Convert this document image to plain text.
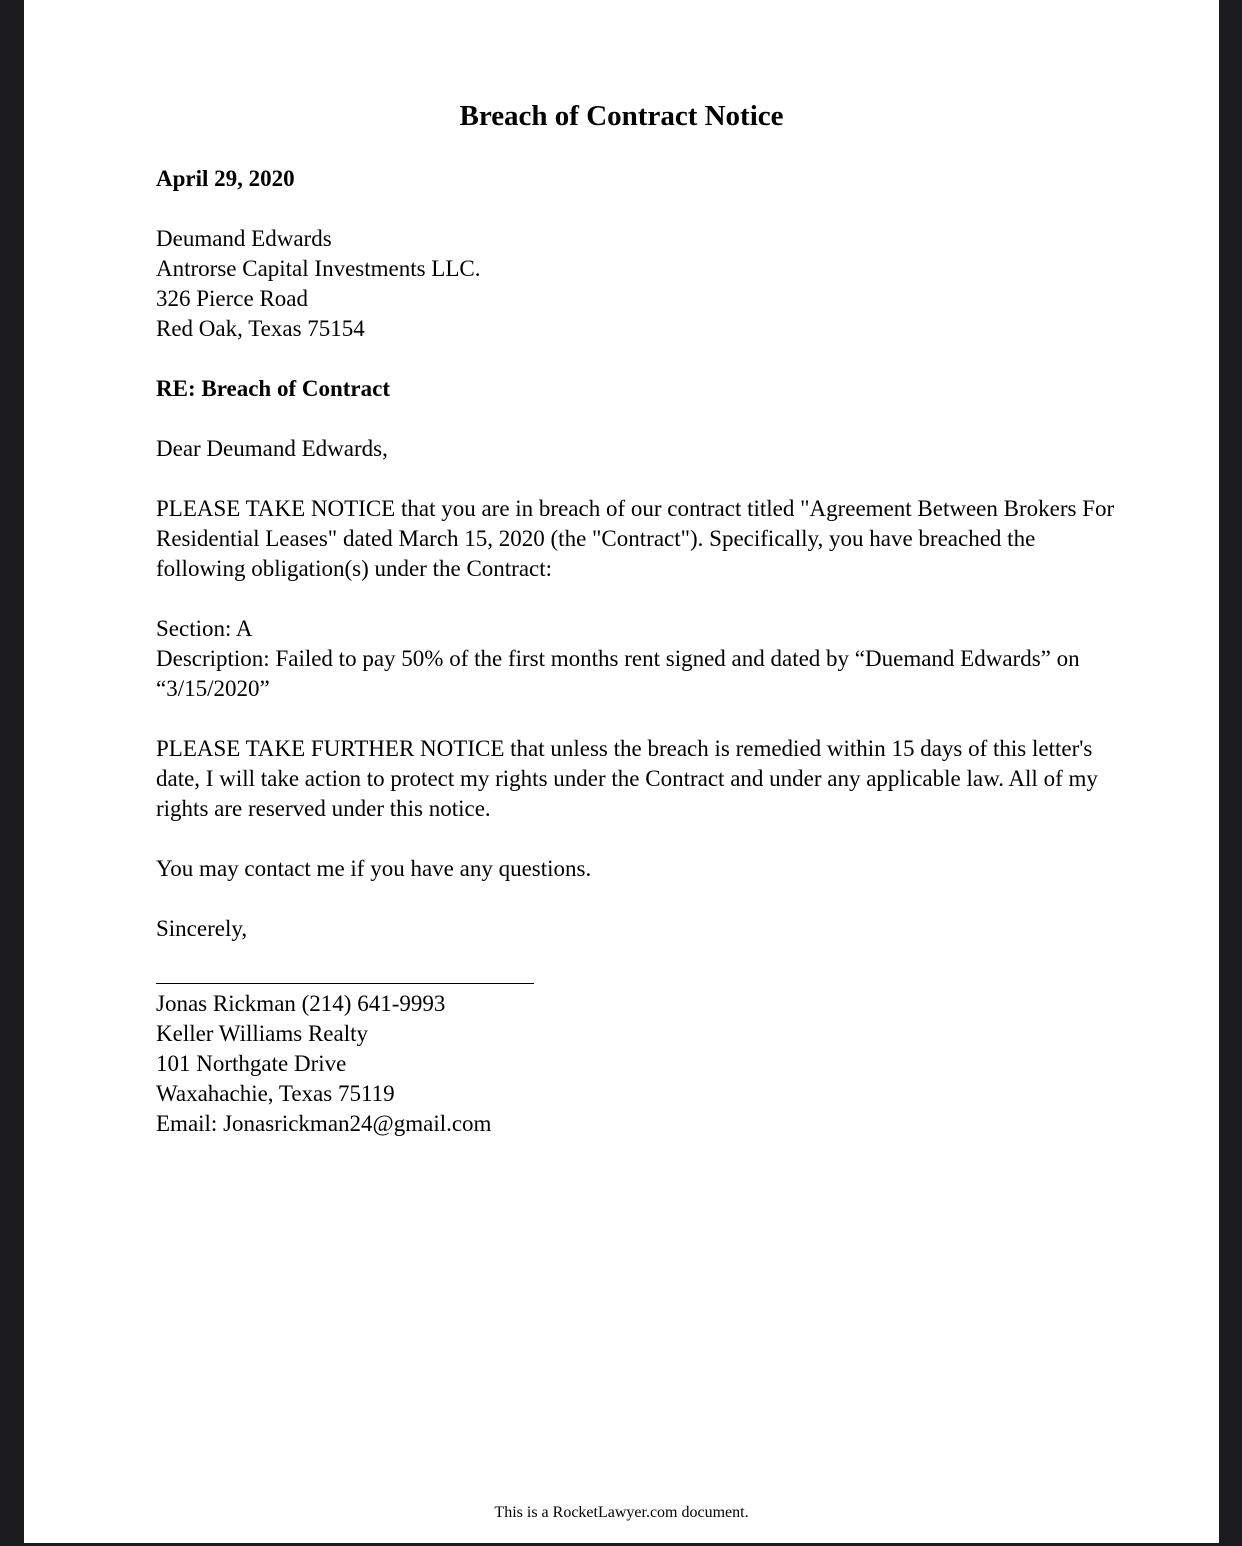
Breach of Contract Notice

April 29, 2020

Deumand Edwards
Antrorse Capital Investments LLC.
326 Pierce Road
Red Oak, Texas 75154

RE: Breach of Contract

Dear Deumand Edwards,

PLEASE TAKE NOTICE that you are in breach of our contract titled "Agreement Between Brokers For Residential Leases" dated March 15, 2020 (the "Contract"). Specifically, you have breached the following obligation(s) under the Contract:

Section: A
Description: Failed to pay 50% of the first months rent signed and dated by “Duemand Edwards” on “3/15/2020”

PLEASE TAKE FURTHER NOTICE that unless the breach is remedied within 15 days of this letter's date, I will take action to protect my rights under the Contract and under any applicable law. All of my rights are reserved under this notice.

You may contact me if you have any questions.

Sincerely,

Jonas Rickman (214) 641-9993
Keller Williams Realty
101 Northgate Drive
Waxahachie, Texas 75119
Email: Jonasrickman24@gmail.com

This is a RocketLawyer.com document.
